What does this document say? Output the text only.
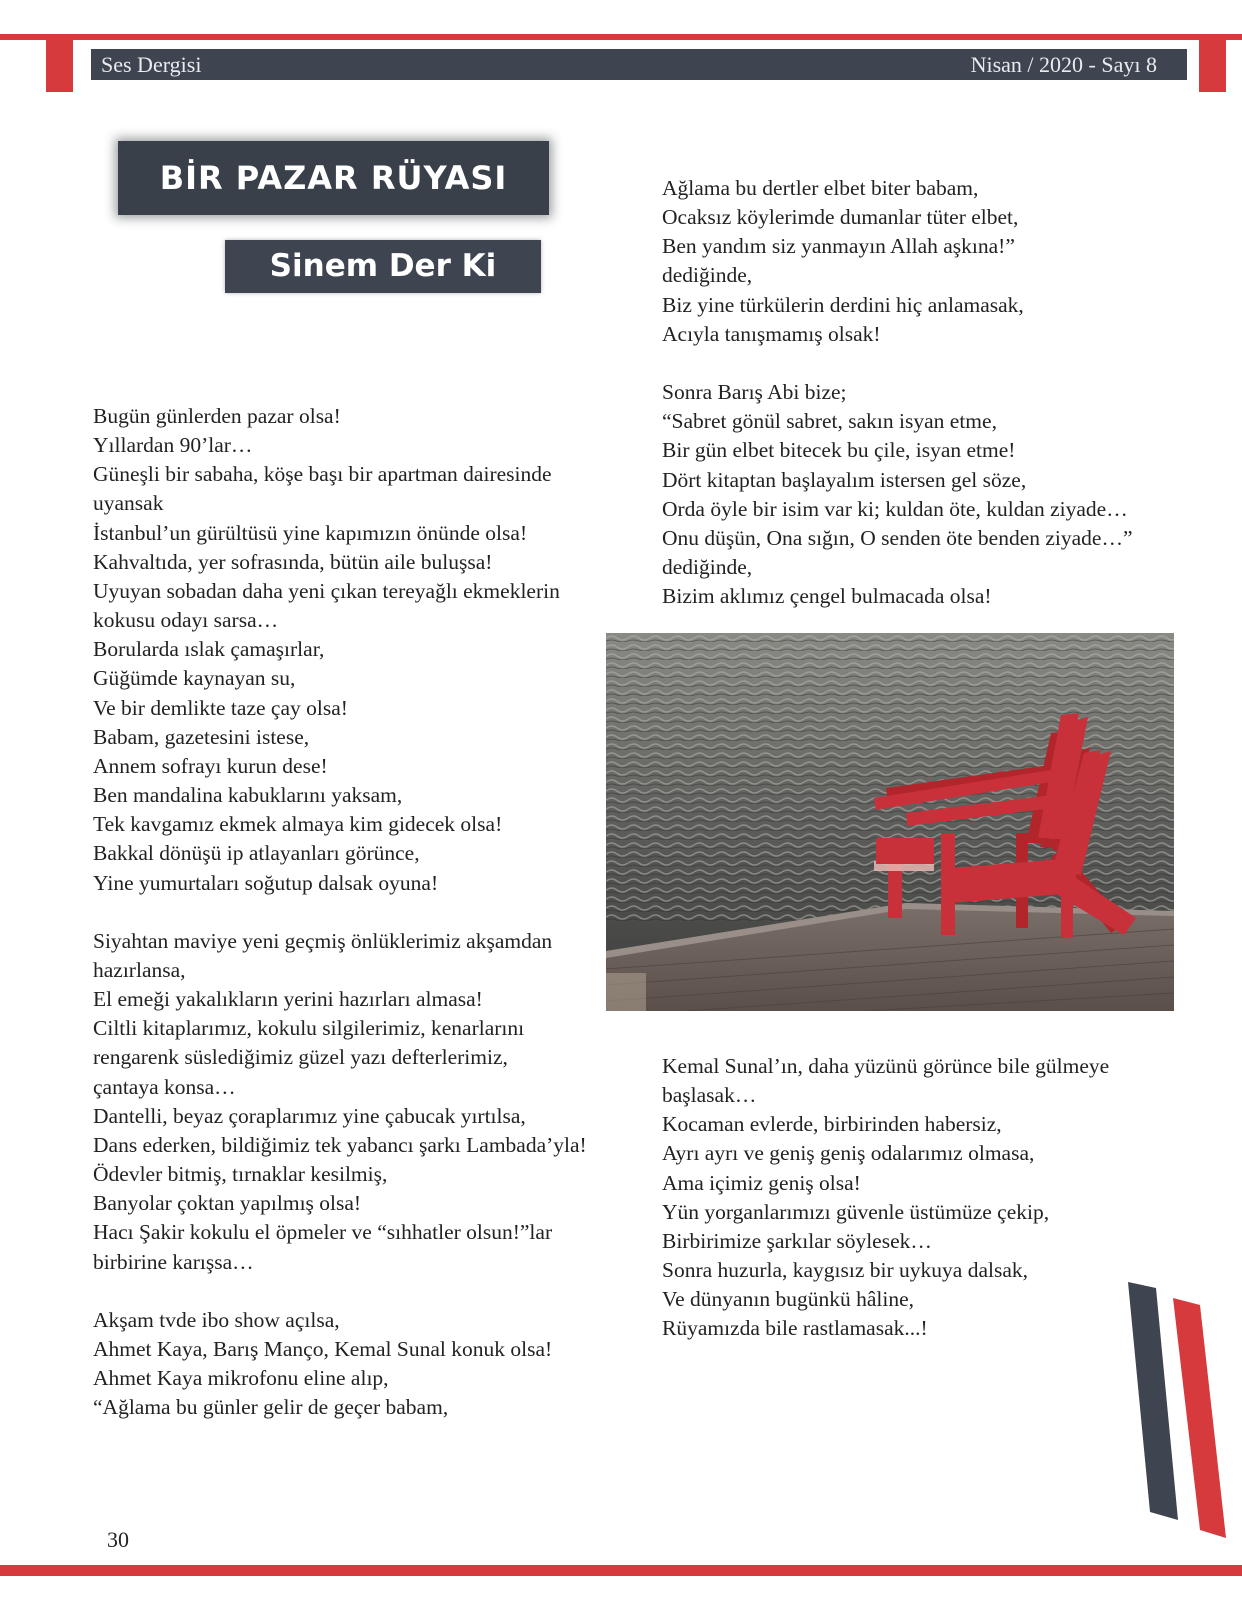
Ses Dergisi	Nisan / 2020 - Sayı 8
BİR PAZAR RÜYASI
Sinem Der Ki
Bugün günlerden pazar olsa!
Yıllardan 90’lar…
Güneşli bir sabaha, köşe başı bir apartman dairesinde
uyansak
İstanbul’un gürültüsü yine kapımızın önünde olsa!
Kahvaltıda, yer sofrasında, bütün aile buluşsa!
Uyuyan sobadan daha yeni çıkan tereyağlı ekmeklerin
kokusu odayı sarsa…
Borularda ıslak çamaşırlar,
Güğümde kaynayan su,
Ve bir demlikte taze çay olsa!
Babam, gazetesini istese,
Annem sofrayı kurun dese!
Ben mandalina kabuklarını yaksam,
Tek kavgamız ekmek almaya kim gidecek olsa!
Bakkal dönüşü ip atlayanları görünce,
Yine yumurtaları soğutup dalsak oyuna!
Siyahtan maviye yeni geçmiş önlüklerimiz akşamdan
hazırlansa,
El emeği yakalıkların yerini hazırları almasa!
Ciltli kitaplarımız, kokulu silgilerimiz, kenarlarını
rengarenk süslediğimiz güzel yazı defterlerimiz,
çantaya konsa…
Dantelli, beyaz çoraplarımız yine çabucak yırtılsa,
Dans ederken, bildiğimiz tek yabancı şarkı Lambada’yla!
Ödevler bitmiş, tırnaklar kesilmiş,
Banyolar çoktan yapılmış olsa!
Hacı Şakir kokulu el öpmeler ve “sıhhatler olsun!”lar
birbirine karışsa…
Akşam tvde ibo show açılsa,
Ahmet Kaya, Barış Manço, Kemal Sunal konuk olsa!
Ahmet Kaya mikrofonu eline alıp,
“Ağlama bu günler gelir de geçer babam,
Ağlama bu dertler elbet biter babam,
Ocaksız köylerimde dumanlar tüter elbet,
Ben yandım siz yanmayın Allah aşkına!”
dediğinde,
Biz yine türkülerin derdini hiç anlamasak,
Acıyla tanışmamış olsak!
Sonra Barış Abi bize;
“Sabret gönül sabret, sakın isyan etme,
Bir gün elbet bitecek bu çile, isyan etme!
Dört kitaptan başlayalım istersen gel söze,
Orda öyle bir isim var ki; kuldan öte, kuldan ziyade…
Onu düşün, Ona sığın, O senden öte benden ziyade…”
dediğinde,
Bizim aklımız çengel bulmacada olsa!
Kemal Sunal’ın, daha yüzünü görünce bile gülmeye
başlasak…
Kocaman evlerde, birbirinden habersiz,
Ayrı ayrı ve geniş geniş odalarımız olmasa,
Ama içimiz geniş olsa!
Yün yorganlarımızı güvenle üstümüze çekip,
Birbirimize şarkılar söylesek…
Sonra huzurla, kaygısız bir uykuya dalsak,
Ve dünyanın bugünkü hâline,
Rüyamızda bile rastlamasak...!
30
